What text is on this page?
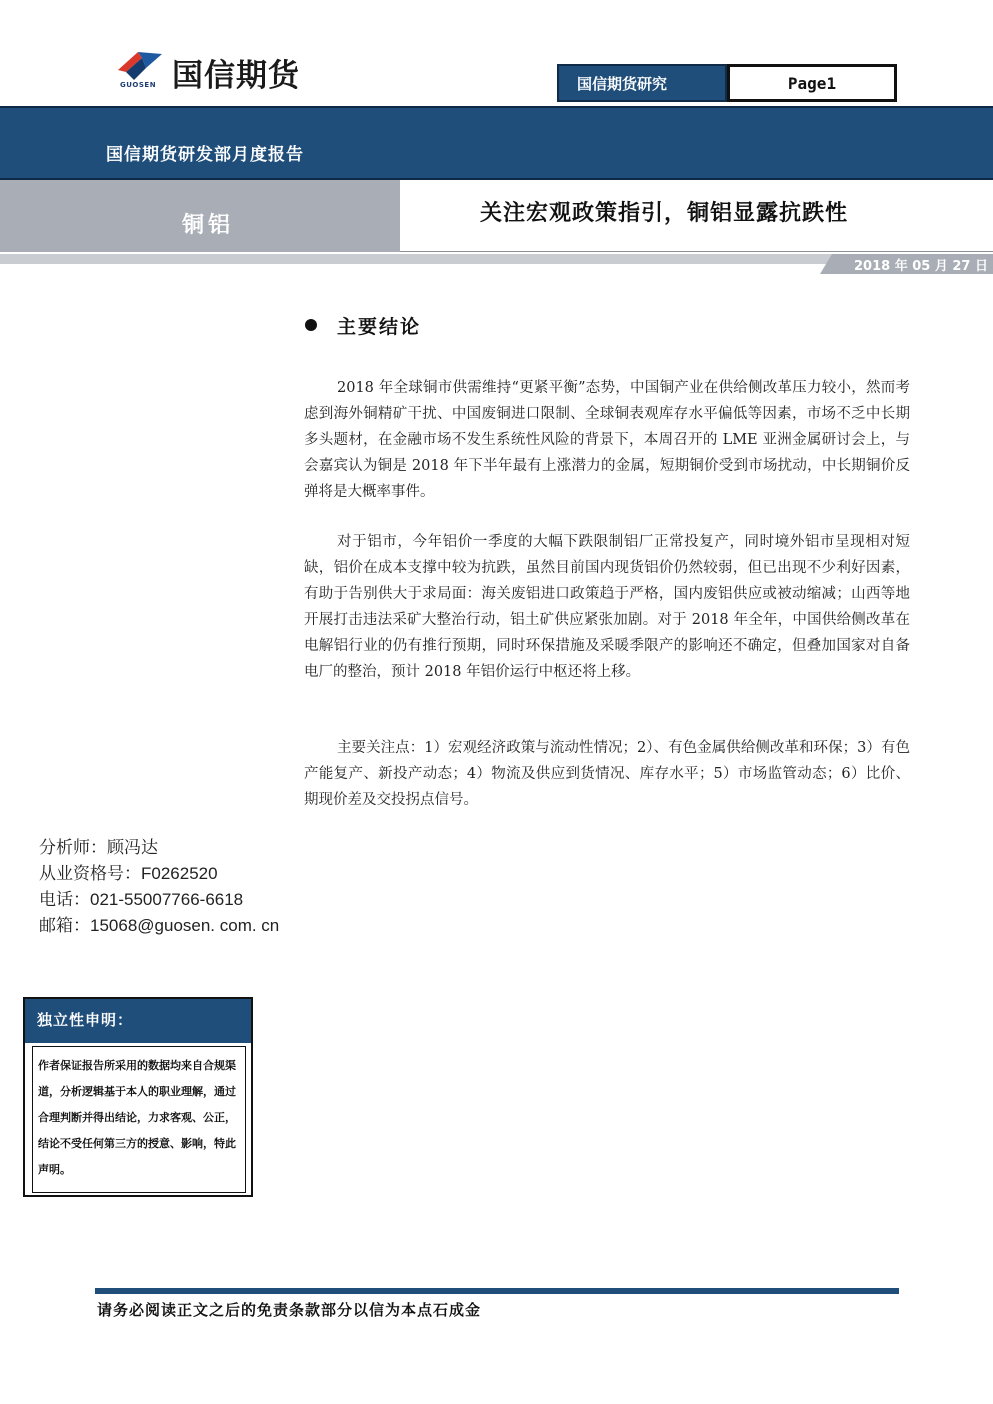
国信期货
GUOSEN	国信期货研究	Page1
国信期货研发部月度报告
铜铝	关注宏观政策指引，铜铝显露抗跌性
2018 年 05 月 27 日
主要结论

2018 年全球铜市供需维持“更紧平衡”态势，中国铜产业在供给侧改革压力较小，然而考虑到海外铜精矿干扰、中国废铜进口限制、全球铜表观库存水平偏低等因素，市场不乏中长期多头题材，在金融市场不发生系统性风险的背景下，本周召开的 LME 亚洲金属研讨会上，与会嘉宾认为铜是 2018 年下半年最有上涨潜力的金属，短期铜价受到市场扰动，中长期铜价反弹将是大概率事件。

对于铝市，今年铝价一季度的大幅下跌限制铝厂正常投复产，同时境外铝市呈现相对短缺，铝价在成本支撑中较为抗跌，虽然目前国内现货铝价仍然较弱，但已出现不少利好因素，有助于告别供大于求局面：海关废铝进口政策趋于严格，国内废铝供应或被动缩减；山西等地开展打击违法采矿大整治行动，铝土矿供应紧张加剧。对于 2018 年全年，中国供给侧改革在电解铝行业的仍有推行预期，同时环保措施及采暖季限产的影响还不确定，但叠加国家对自备电厂的整治，预计 2018 年铝价运行中枢还将上移。

主要关注点：1）宏观经济政策与流动性情况；2）、有色金属供给侧改革和环保；3）有色产能复产、新投产动态；4）物流及供应到货情况、库存水平；5）市场监管动态；6）比价、期现价差及交投拐点信号。

分析师：顾冯达
从业资格号：F0262520
电话：021-55007766-6618
邮箱：15068@guosen. com. cn
独立性申明：
作者保证报告所采用的数据均来自合规渠道，分析逻辑基于本人的职业理解，通过合理判断并得出结论，力求客观、公正，结论不受任何第三方的授意、影响，特此声明。
请务必阅读正文之后的免责条款部分以信为本点石成金
